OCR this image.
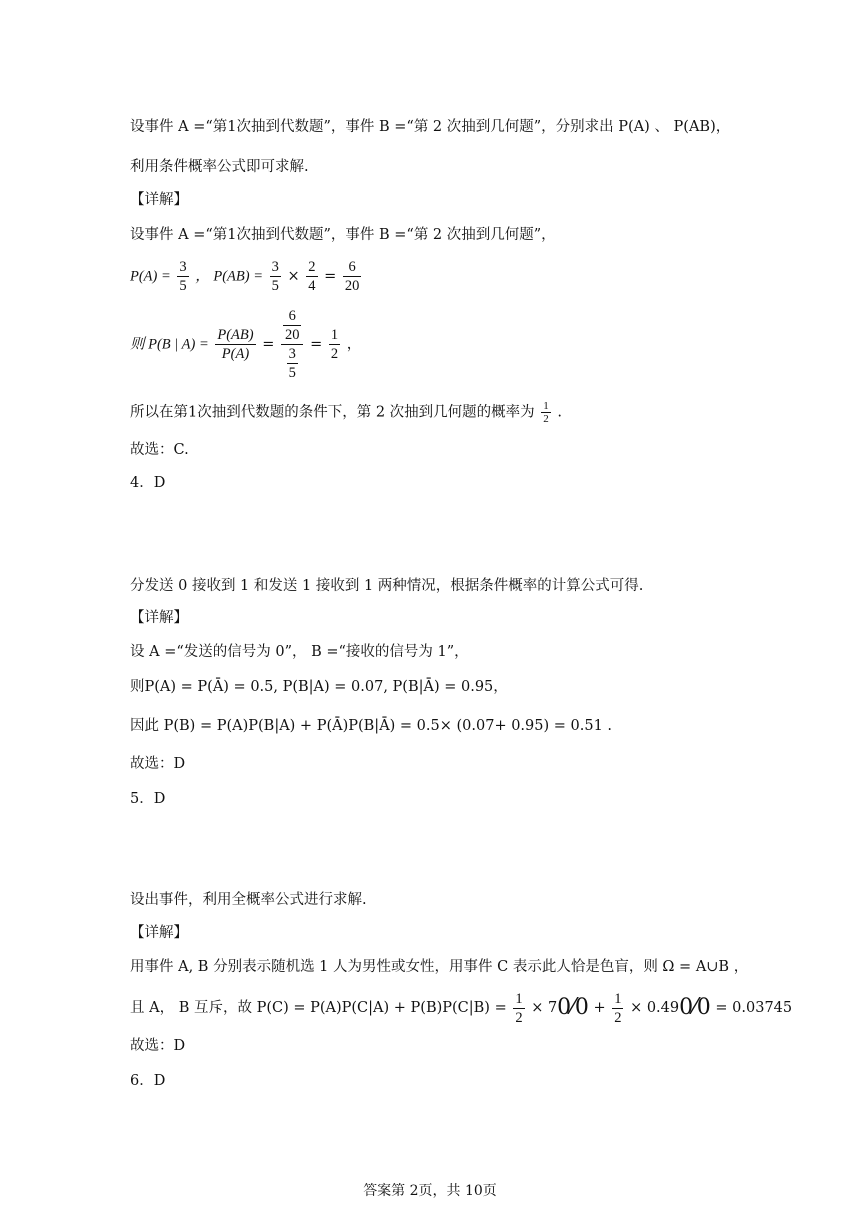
设事件 A =“第1次抽到代数题”，事件 B =“第 2 次抽到几何题”，分别求出 P(A) 、 P(AB)，
利用条件概率公式即可求解.
【详解】
设事件 A =“第1次抽到代数题”，事件 B =“第 2 次抽到几何题”，
$P(A) = \frac{3}{5}$ ， $P(AB) = \frac{3}{5} \times \frac{2}{4} = \frac{6}{20}$
则 P(B | $A) = \frac{P(AB)}{P(A)} = \frac{\frac{6}{20}}{\frac{3}{5}} = \frac{1}{2}$ ，
所以在第1次抽到代数题的条件下，第 2 次抽到几何题的概率为 $\frac{1}{2}$ .
故选：C.
4．D
分发送 0 接收到 1 和发送 1 接收到 1 两种情况，根据条件概率的计算公式可得.
【详解】
设 A =“发送的信号为 0”， B =“接收的信号为 1”，
则P(A) = P(Ā) = 0.5, P(B|A) = 0.07, P(B|Ā) = 0.95，
因此 P(B) = P(A)P(B|A) + P(Ā)P(B|Ā) = 0.5× (0.07+ 0.95) = 0.51 .
故选：D
5．D
设出事件，利用全概率公式进行求解.
【详解】
用事件 A, B 分别表示随机选 1 人为男性或女性，用事件 C 表示此人恰是色盲，则 Ω = A∪B ，
且 A， B 互斥，故 $P(C) = P(A)P(C|A) + P(B)P(C|B) = \frac{1}{2}$ × 70⁄0 + $\frac{1}{2}$ × 0.490⁄0 = 0.03745
故选：D
6．D
答案第 2页，共 10页
